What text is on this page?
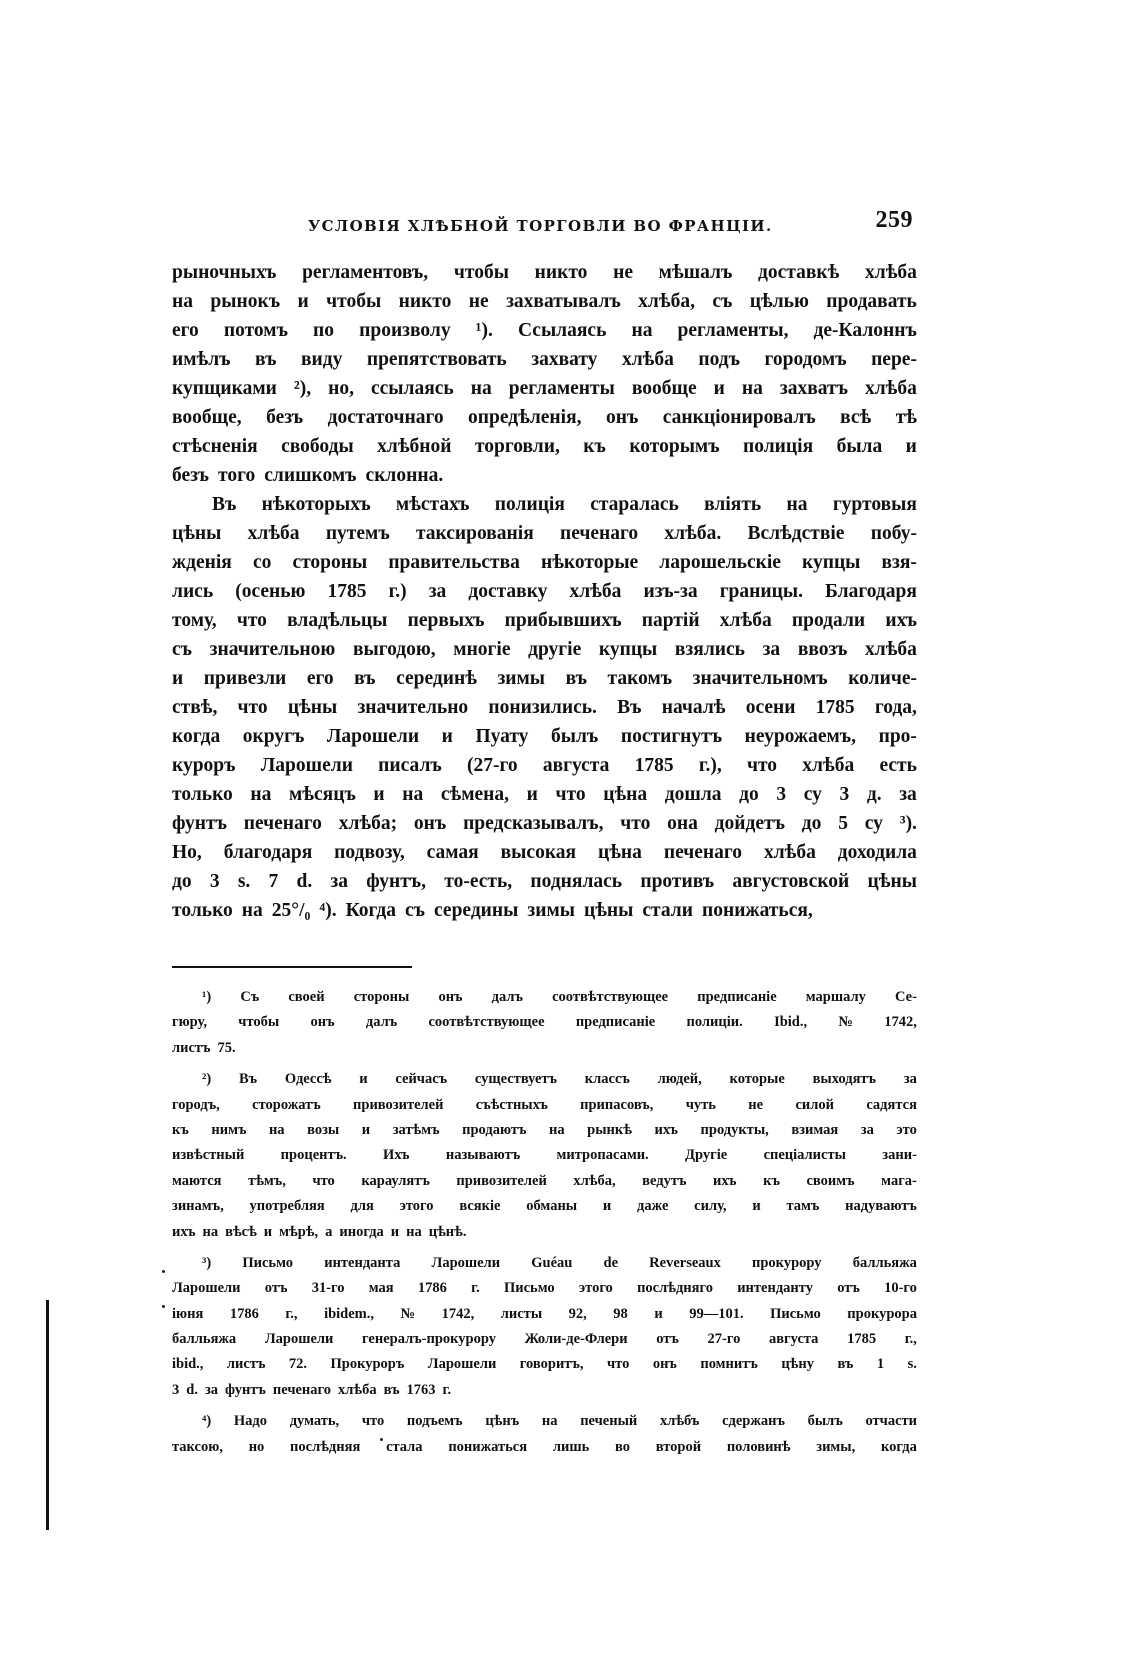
УСЛОВІЯ ХЛѢБНОЙ ТОРГОВЛИ ВО ФРАНЦІИ.	259
рыночныхъ регламентовъ, чтобы никто не мѣшалъ доставкѣ хлѣба
на рынокъ и чтобы никто не захватывалъ хлѣба, съ цѣлью продавать
его потомъ по произволу ¹). Ссылаясь на регламенты, де-Калоннъ
имѣлъ въ виду препятствовать захвату хлѣба подъ городомъ пере-
купщиками ²), но, ссылаясь на регламенты вообще и на захватъ хлѣба
вообще, безъ достаточнаго опредѣленія, онъ санкціонировалъ всѣ тѣ
стѣсненія свободы хлѣбной торговли, къ которымъ полиція была и
безъ того слишкомъ склонна.
Въ нѣкоторыхъ мѣстахъ полиція старалась вліять на гуртовыя
цѣны хлѣба путемъ таксированія печенаго хлѣба. Вслѣдствіе побу-
жденія со стороны правительства нѣкоторые ларошельскіе купцы взя-
лись (осенью 1785 г.) за доставку хлѣба изъ-за границы. Благодаря
тому, что владѣльцы первыхъ прибывшихъ партій хлѣба продали ихъ
съ значительною выгодою, многіе другіе купцы взялись за ввозъ хлѣба
и привезли его въ серединѣ зимы въ такомъ значительномъ количе-
ствѣ, что цѣны значительно понизились. Въ началѣ осени 1785 года,
когда округъ Ларошели и Пуату былъ постигнутъ неурожаемъ, про-
куроръ Ларошели писалъ (27-го августа 1785 г.), что хлѣба есть
только на мѣсяцъ и на сѣмена, и что цѣна дошла до 3 су 3 д. за
фунтъ печенаго хлѣба; онъ предсказывалъ, что она дойдетъ до 5 су ³).
Но, благодаря подвозу, самая высокая цѣна печенаго хлѣба доходила
до 3 s. 7 d. за фунтъ, то-есть, поднялась противъ августовской цѣны
только на 25°/₀ ⁴). Когда съ середины зимы цѣны стали понижаться,
¹) Съ своей стороны онъ далъ соотвѣтствующее предписаніе маршалу Се-
гюру, чтобы онъ далъ соотвѣтствующее предписаніе полиціи. Ibid., № 1742,
листъ 75.
²) Въ Одессѣ и сейчасъ существуетъ классъ людей, которые выходятъ за
городъ, сторожатъ привозителей съѣстныхъ припасовъ, чуть не силой садятся
къ нимъ на возы и затѣмъ продаютъ на рынкѣ ихъ продукты, взимая за это
извѣстный	процентъ.	Ихъ	называютъ	митропасами.	Другіе	спеціалисты	зани-
маются тѣмъ, что караулятъ привозителей хлѣба, ведутъ ихъ къ своимъ мага-
зинамъ, употребляя для этого всякіе обманы и даже силу, и тамъ надуваютъ
ихъ на вѣсѣ и мѣрѣ, а иногда и на цѣнѣ.
³) Письмо интенданта Ларошели Guéau de Reverseaux прокурору балльяжа
Ларошели отъ 31-го мая 1786 г. Письмо этого послѣдняго интенданту отъ 10-го
іюня 1786 г., ibidem., № 1742, листы 92, 98 и 99—101. Письмо прокурора
балльяжа Ларошели генералъ-прокурору Жоли-де-Флери отъ 27-го августа 1785 г.,
ibid., листъ 72. Прокуроръ Ларошели говоритъ, что онъ помнитъ цѣну въ 1 s.
3 d. за фунтъ печенаго хлѣба въ 1763 г.
⁴) Надо думать, что подъемъ цѣнъ на печеный хлѣбъ сдержанъ былъ отчасти
таксою, но послѣдняя стала понижаться лишь во второй половинѣ зимы, когда
